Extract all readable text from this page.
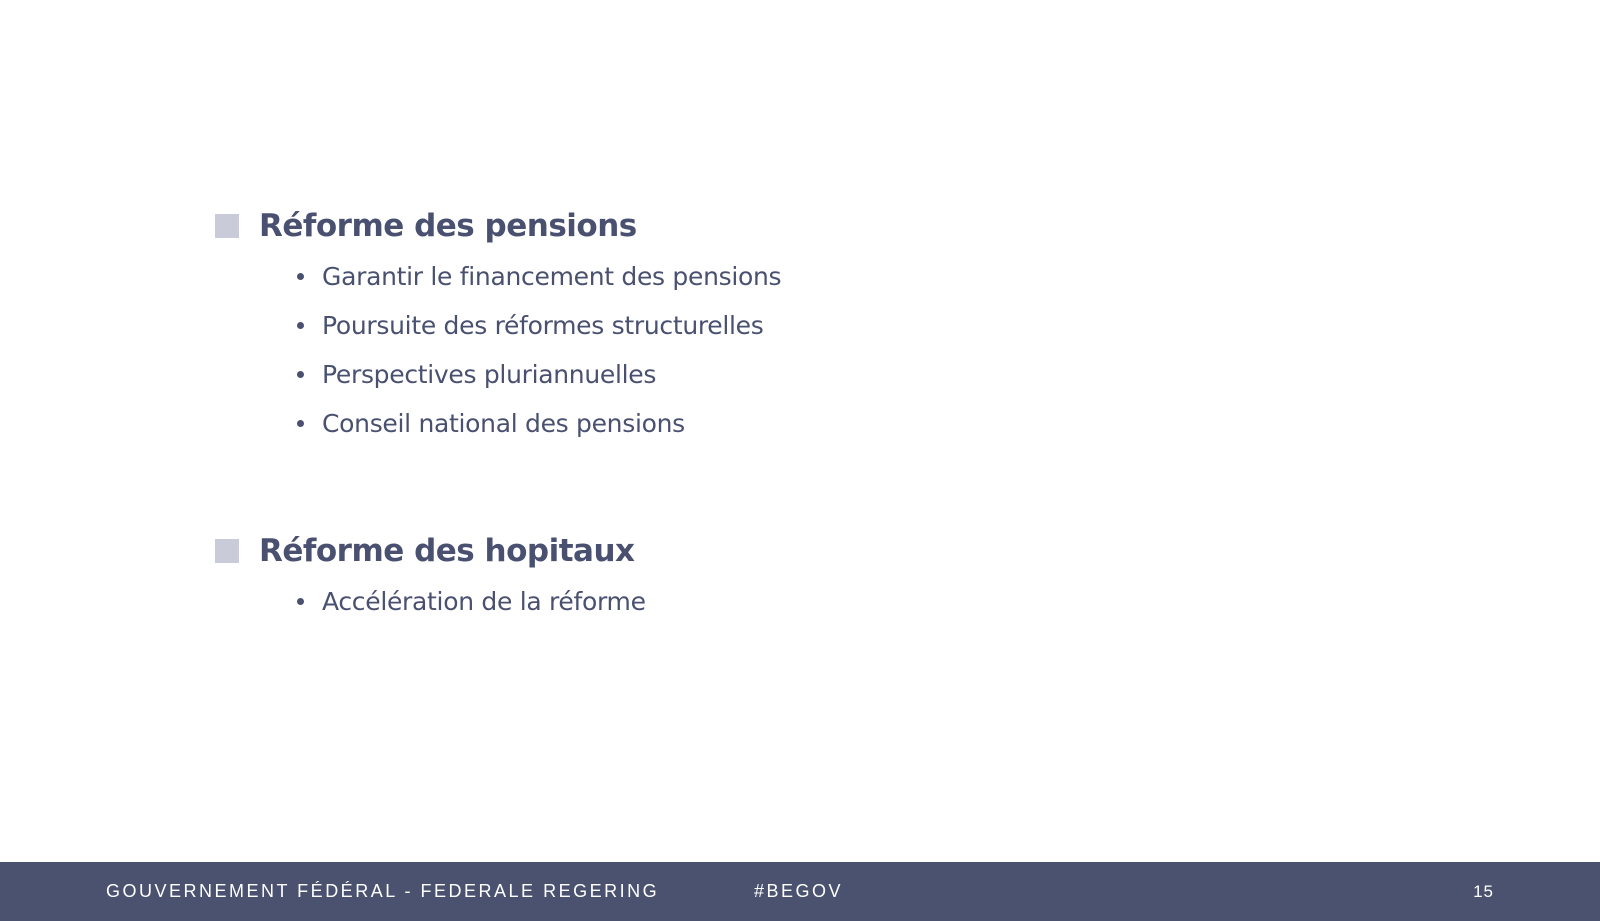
Réforme des pensions
Garantir le financement des pensions
Poursuite des réformes structurelles
Perspectives pluriannuelles
Conseil national des pensions
Réforme des hopitaux
Accélération de la réforme
GOUVERNEMENT FÉDÉRAL - FEDERALE REGERING	#BEGOV	15
